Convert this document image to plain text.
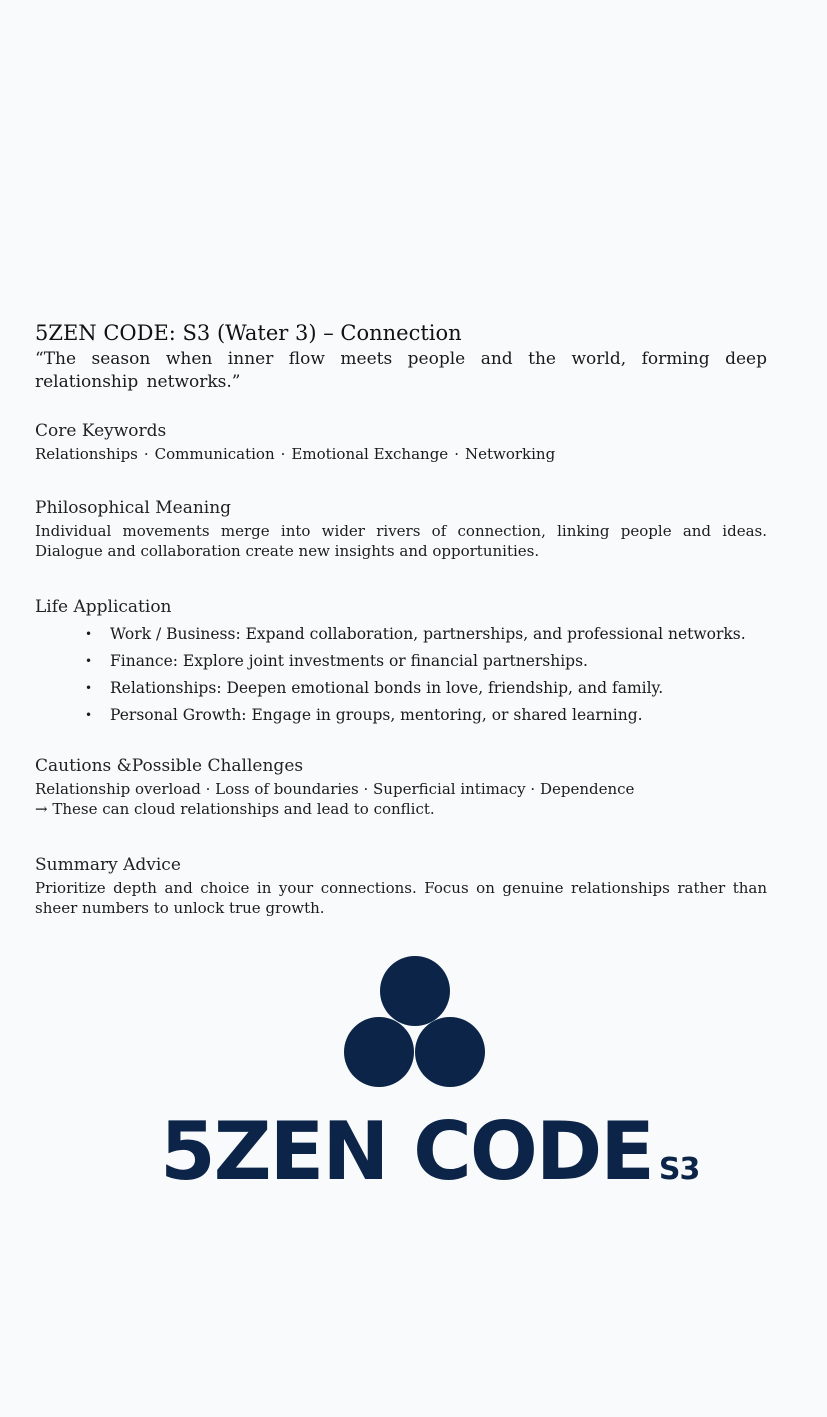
5ZEN CODE: S3 (Water 3) – Connection

“The season when inner flow meets people and the world, forming deep relationship networks.”

Core Keywords

Relationships · Communication · Emotional Exchange · Networking

Philosophical Meaning

Individual movements merge into wider rivers of connection, linking people and ideas.
Dialogue and collaboration create new insights and opportunities.

Life Application
• Work / Business: Expand collaboration, partnerships, and professional networks.
• Finance: Explore joint investments or financial partnerships.
• Relationships: Deepen emotional bonds in love, friendship, and family.
• Personal Growth: Engage in groups, mentoring, or shared learning.
Cautions &Possible Challenges

Relationship overload · Loss of boundaries · Superficial intimacy · Dependence
→ These can cloud relationships and lead to conflict.

Summary Advice

Prioritize depth and choice in your connections. Focus on genuine relationships rather than sheer numbers to unlock true growth.

5ZEN CODE S3
